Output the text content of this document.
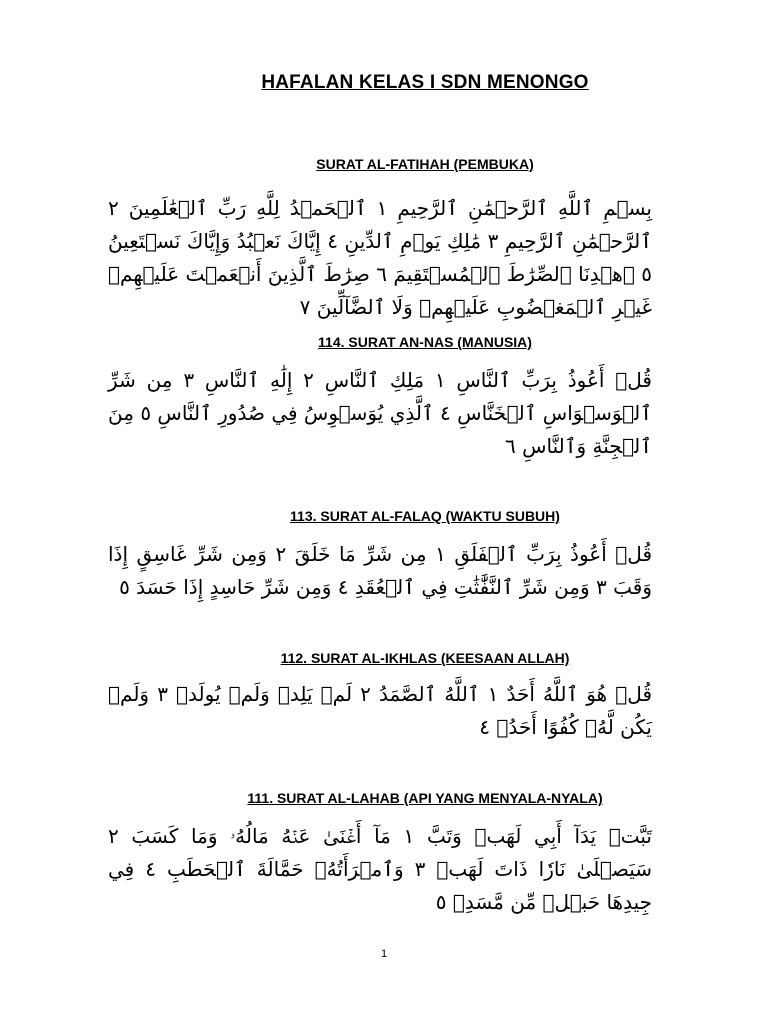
HAFALAN KELAS I SDN MENONGO
SURAT AL-FATIHAH (PEMBUKA)

بِسۡمِ ٱللَّهِ ٱلرَّحۡمَٰنِ ٱلرَّحِيمِ ١ ٱلۡحَمۡدُ لِلَّهِ رَبِّ ٱلۡعَٰلَمِينَ ٢ ٱلرَّحۡمَٰنِ ٱلرَّحِيمِ ٣ مَٰلِكِ يَوۡمِ ٱلدِّينِ ٤ إِيَّاكَ نَعۡبُدُ وَإِيَّاكَ نَسۡتَعِينُ ٥ ٱهۡدِنَا ٱلصِّرَٰطَ ٱلۡمُسۡتَقِيمَ ٦ صِرَٰطَ ٱلَّذِينَ أَنۡعَمۡتَ عَلَيۡهِمۡ غَيۡرِ ٱلۡمَغۡضُوبِ عَلَيۡهِمۡ وَلَا ٱلضَّآلِّينَ ٧

114. SURAT AN-NAS (MANUSIA)

قُلۡ أَعُوذُ بِرَبِّ ٱلنَّاسِ ١ مَلِكِ ٱلنَّاسِ ٢ إِلَٰهِ ٱلنَّاسِ ٣ مِن شَرِّ ٱلۡوَسۡوَاسِ ٱلۡخَنَّاسِ ٤ ٱلَّذِي يُوَسۡوِسُ فِي صُدُورِ ٱلنَّاسِ ٥ مِنَ ٱلۡجِنَّةِ وَٱلنَّاسِ ٦

113. SURAT AL-FALAQ (WAKTU SUBUH)

قُلۡ أَعُوذُ بِرَبِّ ٱلۡفَلَقِ ١ مِن شَرِّ مَا خَلَقَ ٢ وَمِن شَرِّ غَاسِقٍ إِذَا وَقَبَ ٣ وَمِن شَرِّ ٱلنَّفَّٰثَٰتِ فِي ٱلۡعُقَدِ ٤ وَمِن شَرِّ حَاسِدٍ إِذَا حَسَدَ ٥

112. SURAT AL-IKHLAS (KEESAAN ALLAH)

قُلۡ هُوَ ٱللَّهُ أَحَدٌ ١ ٱللَّهُ ٱلصَّمَدُ ٢ لَمۡ يَلِدۡ وَلَمۡ يُولَدۡ ٣ وَلَمۡ يَكُن لَّهُۥ كُفُوًا أَحَدُۢ ٤

111. SURAT AL-LAHAB (API YANG MENYALA-NYALA)

تَبَّتۡ يَدَآ أَبِي لَهَبٖ وَتَبَّ ١ مَآ أَغۡنَىٰ عَنۡهُ مَالُهُۥ وَمَا كَسَبَ ٢ سَيَصۡلَىٰ نَارٗا ذَاتَ لَهَبٖ ٣ وَٱمۡرَأَتُهُۥ حَمَّالَةَ ٱلۡحَطَبِ ٤ فِي جِيدِهَا حَبۡلٞ مِّن مَّسَدِۢ ٥

1
